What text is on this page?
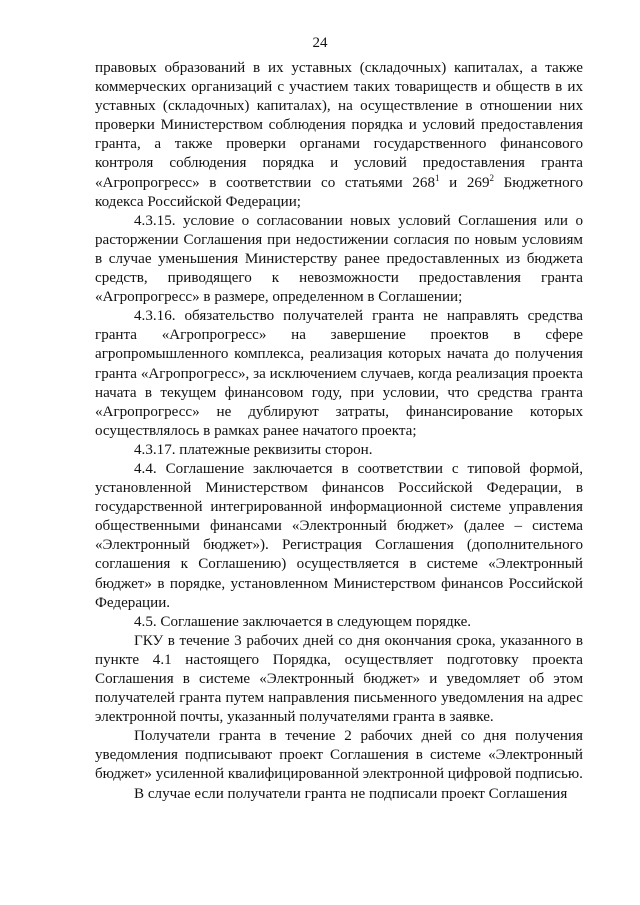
24

правовых образований в их уставных (складочных) капиталах, а также коммерческих организаций с участием таких товариществ и обществ в их уставных (складочных) капиталах), на осуществление в отношении них проверки Министерством соблюдения порядка и условий предоставления гранта, а также проверки органами государственного финансового контроля соблюдения порядка и условий предоставления гранта «Агропрогресс» в соответствии со статьями $268^1$ и $269^2$ Бюджетного кодекса Российской Федерации;

4.3.15. условие о согласовании новых условий Соглашения или о расторжении Соглашения при недостижении согласия по новым условиям в случае уменьшения Министерству ранее предоставленных из бюджета средств, приводящего к невозможности предоставления гранта «Агропрогресс» в размере, определенном в Соглашении;

4.3.16. обязательство получателей гранта не направлять средства гранта «Агропрогресс» на завершение проектов в сфере агропромышленного комплекса, реализация которых начата до получения гранта «Агропрогресс», за исключением случаев, когда реализация проекта начата в текущем финансовом году, при условии, что средства гранта «Агропрогресс» не дублируют затраты, финансирование которых осуществлялось в рамках ранее начатого проекта;

4.3.17. платежные реквизиты сторон.

4.4. Соглашение заключается в соответствии с типовой формой, установленной Министерством финансов Российской Федерации, в государственной интегрированной информационной системе управления общественными финансами «Электронный бюджет» (далее – система «Электронный бюджет»). Регистрация Соглашения (дополнительного соглашения к Соглашению) осуществляется в системе «Электронный бюджет» в порядке, установленном Министерством финансов Российской Федерации.

4.5. Соглашение заключается в следующем порядке.

ГКУ в течение 3 рабочих дней со дня окончания срока, указанного в пункте 4.1 настоящего Порядка, осуществляет подготовку проекта Соглашения в системе «Электронный бюджет» и уведомляет об этом получателей гранта путем направления письменного уведомления на адрес электронной почты, указанный получателями гранта в заявке.

Получатели гранта в течение 2 рабочих дней со дня получения уведомления подписывают проект Соглашения в системе «Электронный бюджет» усиленной квалифицированной электронной цифровой подписью.

В случае если получатели гранта не подписали проект Соглашения
